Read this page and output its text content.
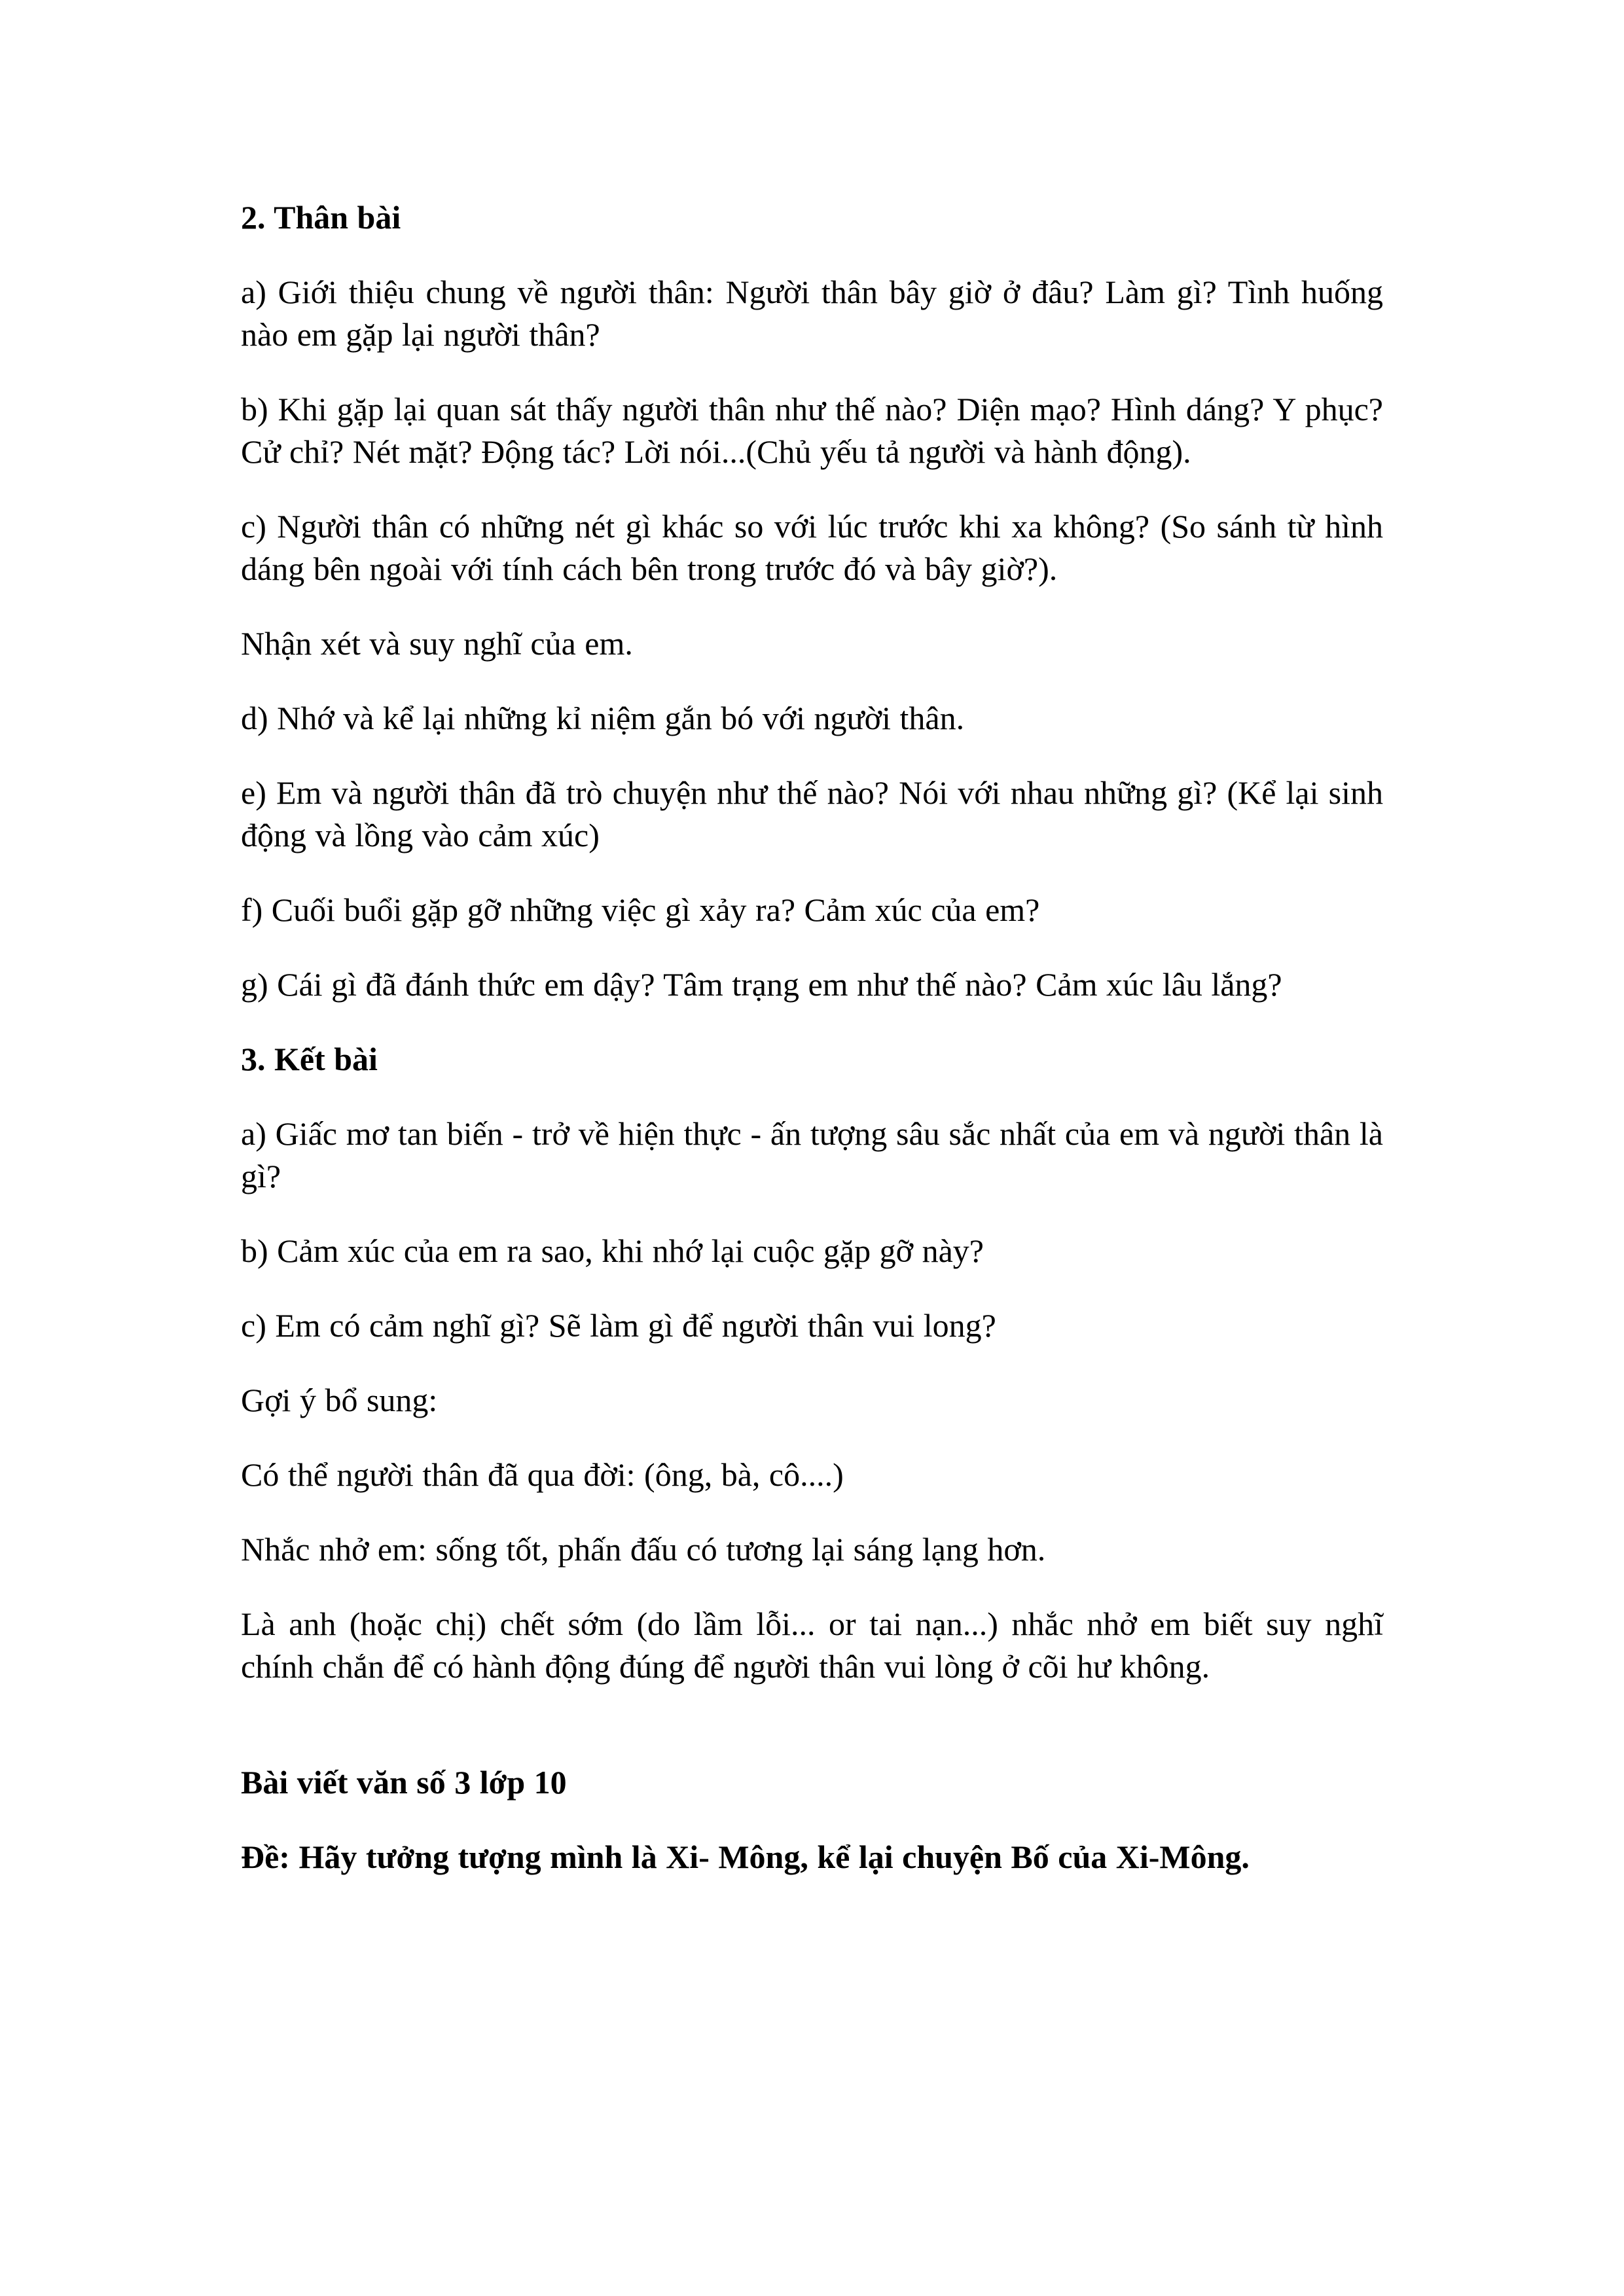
2. Thân bài

a) Giới thiệu chung về người thân: Người thân bây giờ ở đâu? Làm gì? Tình huống nào em gặp lại người thân?

b) Khi gặp lại quan sát thấy người thân như thế nào? Diện mạo? Hình dáng? Y phục? Cử chỉ? Nét mặt? Động tác? Lời nói...(Chủ yếu tả người và hành động).

c) Người thân có những nét gì khác so với lúc trước khi xa không? (So sánh từ hình dáng bên ngoài với tính cách bên trong trước đó và bây giờ?).

Nhận xét và suy nghĩ của em.

d) Nhớ và kể lại những kỉ niệm gắn bó với người thân.

e) Em và người thân đã trò chuyện như thế nào? Nói với nhau những gì? (Kể lại sinh động và lồng vào cảm xúc)

f) Cuối buổi gặp gỡ những việc gì xảy ra? Cảm xúc của em?

g) Cái gì đã đánh thức em dậy? Tâm trạng em như thế nào? Cảm xúc lâu lắng?

3. Kết bài

a) Giấc mơ tan biến - trở về hiện thực - ấn tượng sâu sắc nhất của em và người thân là gì?

b) Cảm xúc của em ra sao, khi nhớ lại cuộc gặp gỡ này?

c) Em có cảm nghĩ gì? Sẽ làm gì để người thân vui long?

Gợi ý bổ sung:

Có thể người thân đã qua đời: (ông, bà, cô....)

Nhắc nhở em: sống tốt, phấn đấu có tương lại sáng lạng hơn.

Là anh (hoặc chị) chết sớm (do lầm lỗi... or tai nạn...) nhắc nhở em biết suy nghĩ chính chắn để có hành động đúng để người thân vui lòng ở cõi hư không.

Bài viết văn số 3 lớp 10

Đề: Hãy tưởng tượng mình là Xi- Mông, kể lại chuyện Bố của Xi-Mông.
